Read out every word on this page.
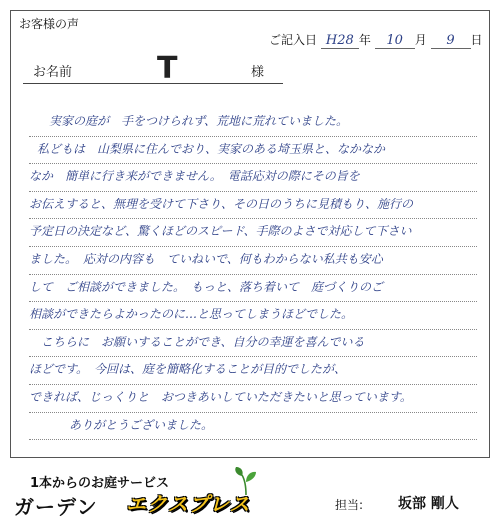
お客様の声
ご記入日 H28 年 10 月 9 日
お名前	T	様
実家の庭が　手をつけられず、荒地に荒れていました。
私どもは　山梨県に住んでおり、実家のある埼玉県と、なかなか
なか　簡単に行き来ができません。　電話応対の際にその旨を
お伝えすると、無理を受けて下さり、その日のうちに見積もり、施行の
予定日の決定など、驚くほどのスピード、手際のよさで対応して下さい
ました。　応対の内容も　ていねいで、何もわからない私共も安心
して　ご相談ができました。　もっと、落ち着いて　庭づくりのご
相談ができたらよかったのに…と思ってしまうほどでした。
こちらに　お願いすることができ、自分の幸運を喜んでいる
ほどです。　今回は、庭を簡略化することが目的でしたが、
できれば、じっくりと　おつきあいしていただきたいと思っています。
ありがとうございました。
1本からのお庭サービス
ガーデン エクスプレス	担当: 坂部 剛人
